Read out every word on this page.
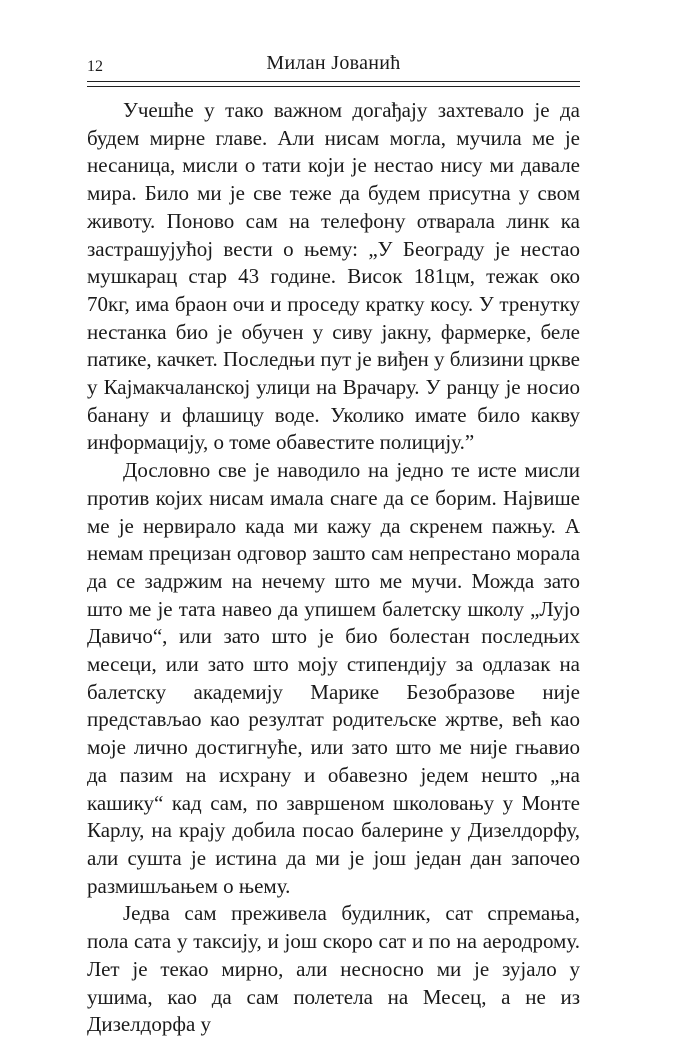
12	Милан Јованић

Учешће у тако важном догађају захтевало је да будем мирне главе. Али нисам могла, мучила ме је несаница, мисли о тати који је нестао нису ми давале мира. Било ми је све теже да будем присутна у свом животу. Поново сам на телефону отварала линк ка застрашујућој вести о њему: „У Београду је нестао мушкарац стар 43 године. Висок 181цм, тежак око 70кг, има браон очи и проседу кратку косу. У тренутку нестанка био је обучен у сиву јакну, фармерке, беле патике, качкет. Последњи пут је виђен у близини цркве у Кајмакчаланској улици на Врачару. У ранцу је носио банану и флашицу воде. Уколико имате било какву информацију, о томе обавестите полицију.”

Дословно све је наводило на једно те исте мисли против којих нисам имала снаге да се борим. Највише ме је нервирало када ми кажу да скренем пажњу. А немам прецизан одговор зашто сам непрестано морала да се задржим на нечему што ме мучи. Можда зато што ме је тата навео да упишем балетску школу „Лујо Давичо“, или зато што је био болестан последњих месеци, или зато што моју стипендију за одлазак на балетску академију Марике Безобразове није представљао као резултат родитељске жртве, већ као моје лично достигнуће, или зато што ме није гњавио да пазим на исхрану и обавезно једем нешто „на кашику“ кад сам, по завршеном школовању у Монте Карлу, на крају добила посао балерине у Дизелдорфу, али суштa је истина да ми је још један дан започео размишљањем о њему.

Једва сам преживела будилник, сат спремања, пола сата у таксију, и још скоро сат и по на аеродрому. Лет је текао мирно, али несносно ми је зујало у ушима, као да сам полетела на Месец, а не из Дизелдорфа у
